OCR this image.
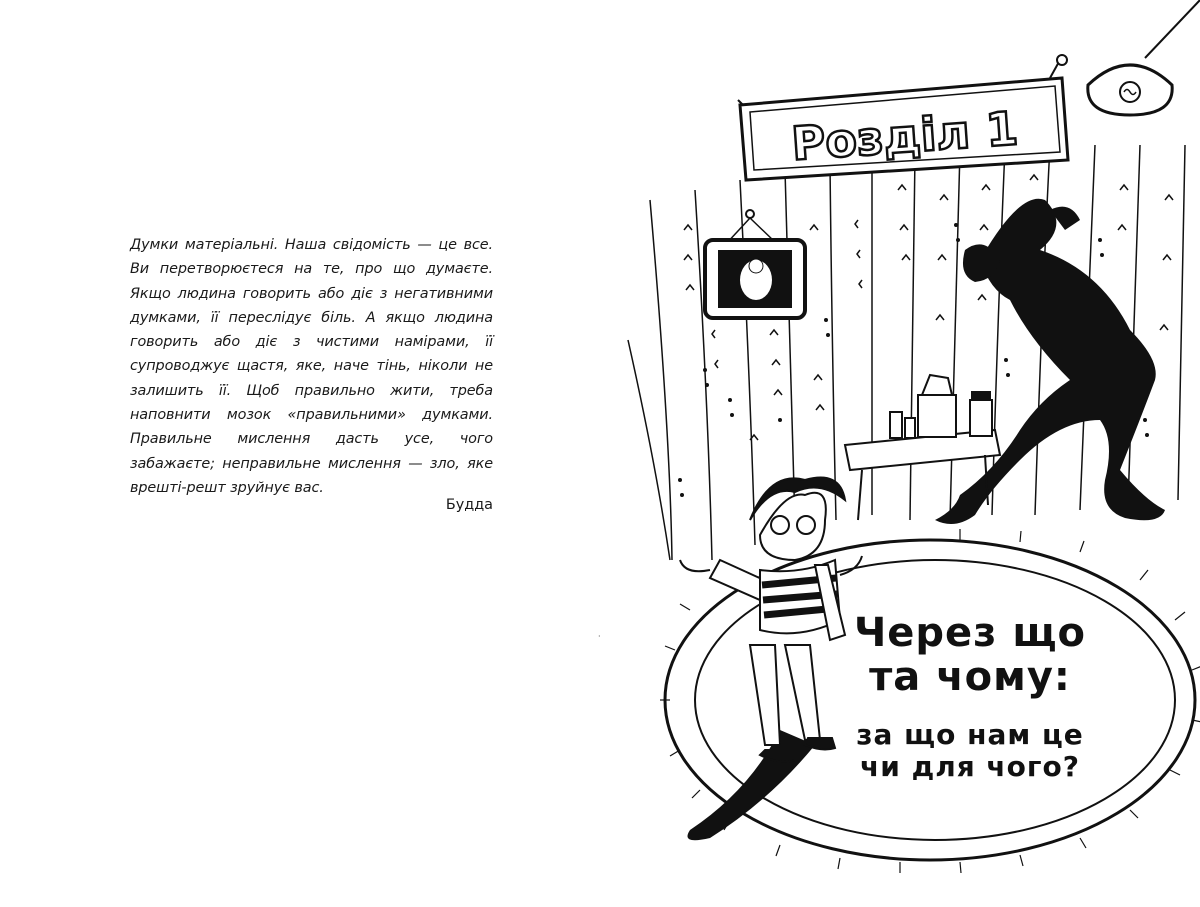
Думки матеріальні. Наша свідомість — це все. Ви перетворюєтеся на те, про що думаєте. Якщо людина говорить або діє з негативними думками, її переслідує біль. А якщо людина говорить або діє з чистими намірами, її супроводжує щастя, яке, наче тінь, ніколи не залишить її. Щоб правильно жити, треба наповнити мозок «правильними» думками. Правильне мислення дасть усе, чого забажаєте; неправильне мислення — зло, яке врешті-решт зруйнує вас.

Будда
·
Розділ 1
Через що та чому:
за що нам це чи для чого?
